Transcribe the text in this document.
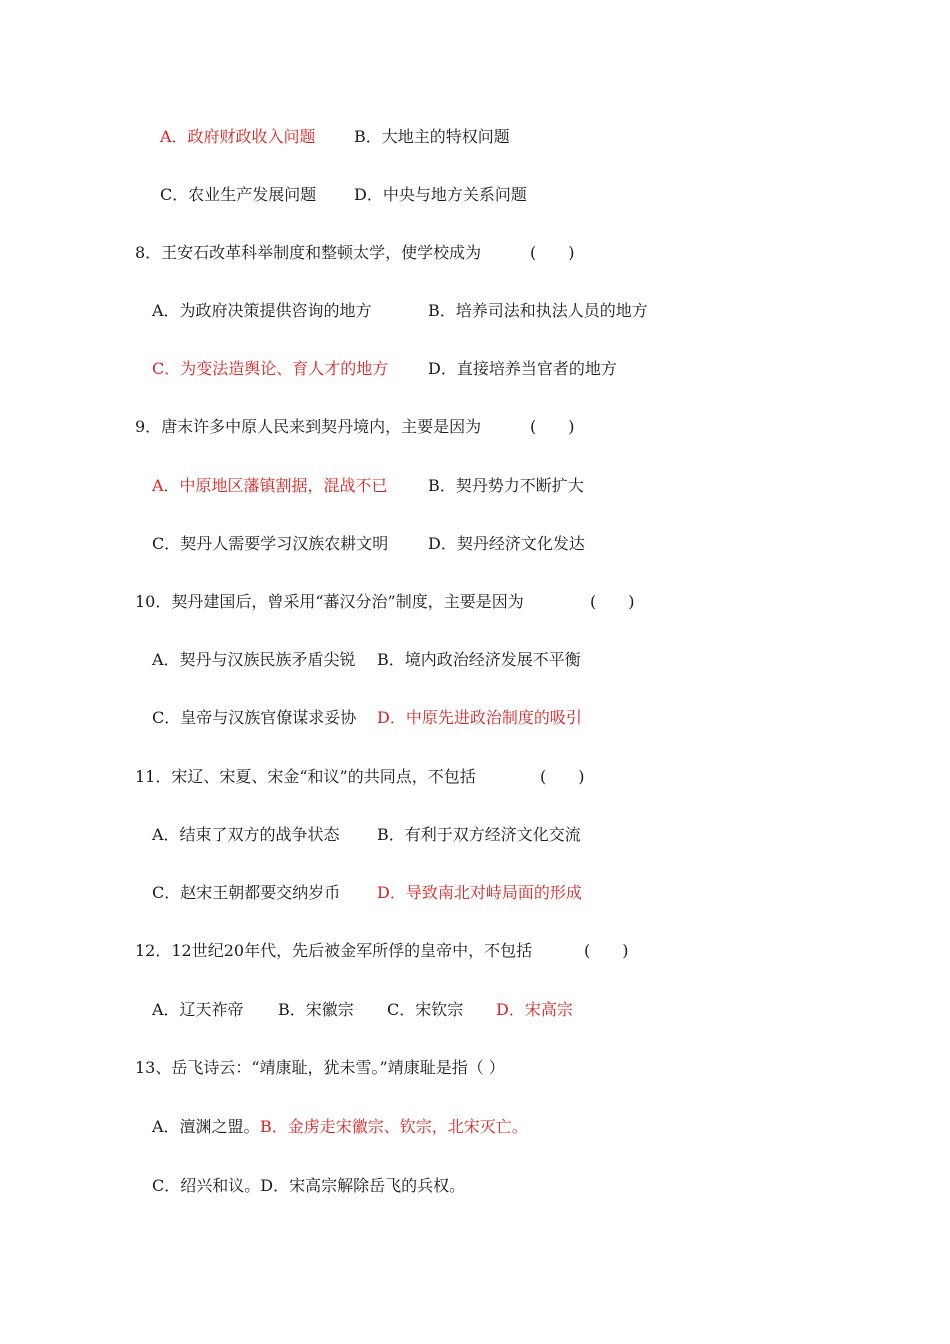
A．政府财政收入问题 B．大地主的特权问题
C．农业生产发展问题 D．中央与地方关系问题
8．王安石改革科举制度和整顿太学，使学校成为	(　　)
A．为政府决策提供咨询的地方	B．培养司法和执法人员的地方
C．为变法造舆论、育人才的地方 D．直接培养当官者的地方
9．唐末许多中原人民来到契丹境内，主要是因为	(　　)
A．中原地区藩镇割据，混战不已	B．契丹势力不断扩大
C．契丹人需要学习汉族农耕文明 D．契丹经济文化发达
10．契丹建国后，曾采用“蕃汉分治”制度，主要是因为	(　　)
A．契丹与汉族民族矛盾尖锐 B．境内政治经济发展不平衡
C．皇帝与汉族官僚谋求妥协 D．中原先进政治制度的吸引
11．宋辽、宋夏、宋金“和议”的共同点，不包括	(　　)
A．结束了双方的战争状态 B．有利于双方经济文化交流
C．赵宋王朝都要交纳岁币 D．导致南北对峙局面的形成
12．12世纪20年代，先后被金军所俘的皇帝中，不包括	(　　)
A．辽天祚帝 B．宋徽宗 C．宋钦宗 D．宋高宗
13、岳飞诗云：“靖康耻，犹未雪。”靖康耻是指（ ）
A．澶渊之盟。 B．金虏走宋徽宗、钦宗，北宋灭亡。
C．绍兴和议。D．宋高宗解除岳飞的兵权。
